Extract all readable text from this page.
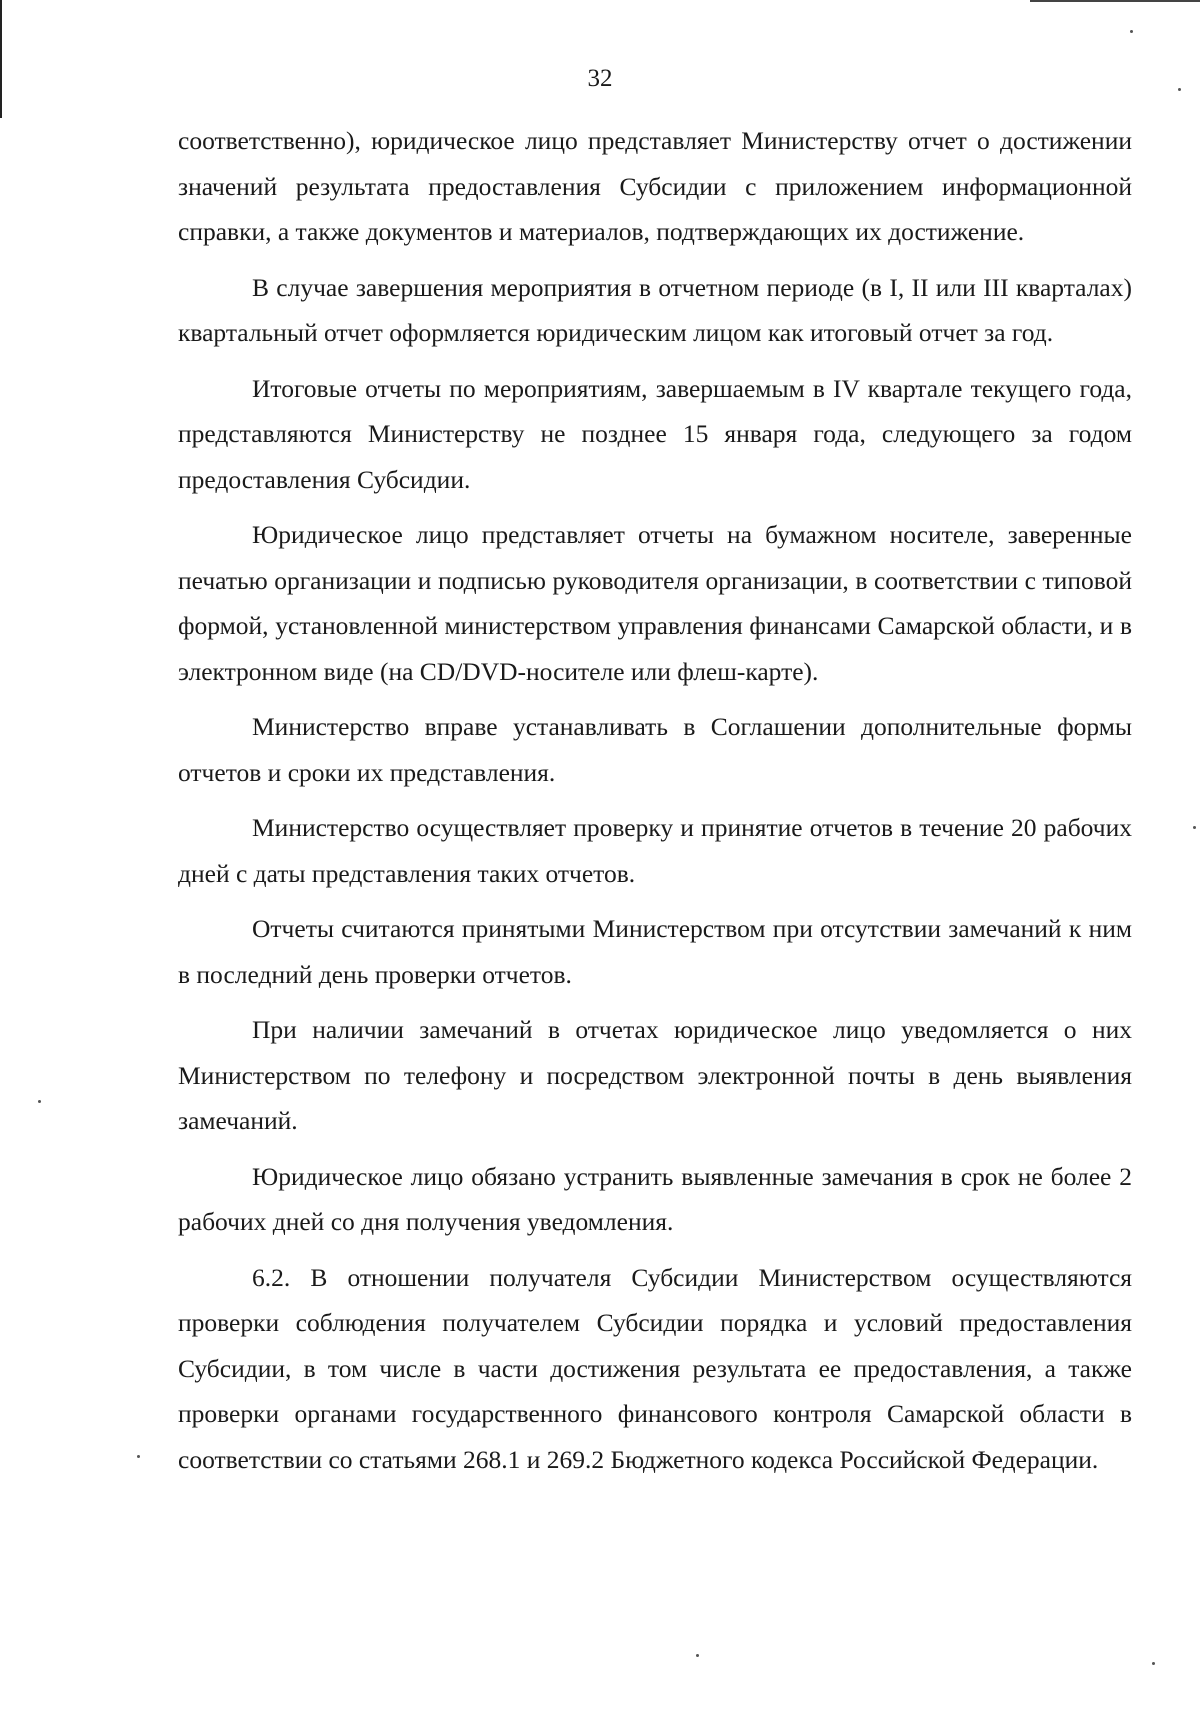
32

соответственно), юридическое лицо представляет Министерству отчет о достижении значений результата предоставления Субсидии с приложением информационной справки, а также документов и материалов, подтверждающих их достижение.

В случае завершения мероприятия в отчетном периоде (в I, II или III кварталах) квартальный отчет оформляется юридическим лицом как итоговый отчет за год.

Итоговые отчеты по мероприятиям, завершаемым в IV квартале текущего года, представляются Министерству не позднее 15 января года, следующего за годом предоставления Субсидии.

Юридическое лицо представляет отчеты на бумажном носителе, заверенные печатью организации и подписью руководителя организации, в соответствии с типовой формой, установленной министерством управления финансами Самарской области, и в электронном виде (на CD/DVD-носителе или флеш-карте).

Министерство вправе устанавливать в Соглашении дополнительные формы отчетов и сроки их представления.

Министерство осуществляет проверку и принятие отчетов в течение 20 рабочих дней с даты представления таких отчетов.

Отчеты считаются принятыми Министерством при отсутствии замечаний к ним в последний день проверки отчетов.

При наличии замечаний в отчетах юридическое лицо уведомляется о них Министерством по телефону и посредством электронной почты в день выявления замечаний.

Юридическое лицо обязано устранить выявленные замечания в срок не более 2 рабочих дней со дня получения уведомления.

6.2. В отношении получателя Субсидии Министерством осуществляются проверки соблюдения получателем Субсидии порядка и условий предоставления Субсидии, в том числе в части достижения результата ее предоставления, а также проверки органами государственного финансового контроля Самарской области в соответствии со статьями 268.1 и 269.2 Бюджетного кодекса Российской Федерации.
